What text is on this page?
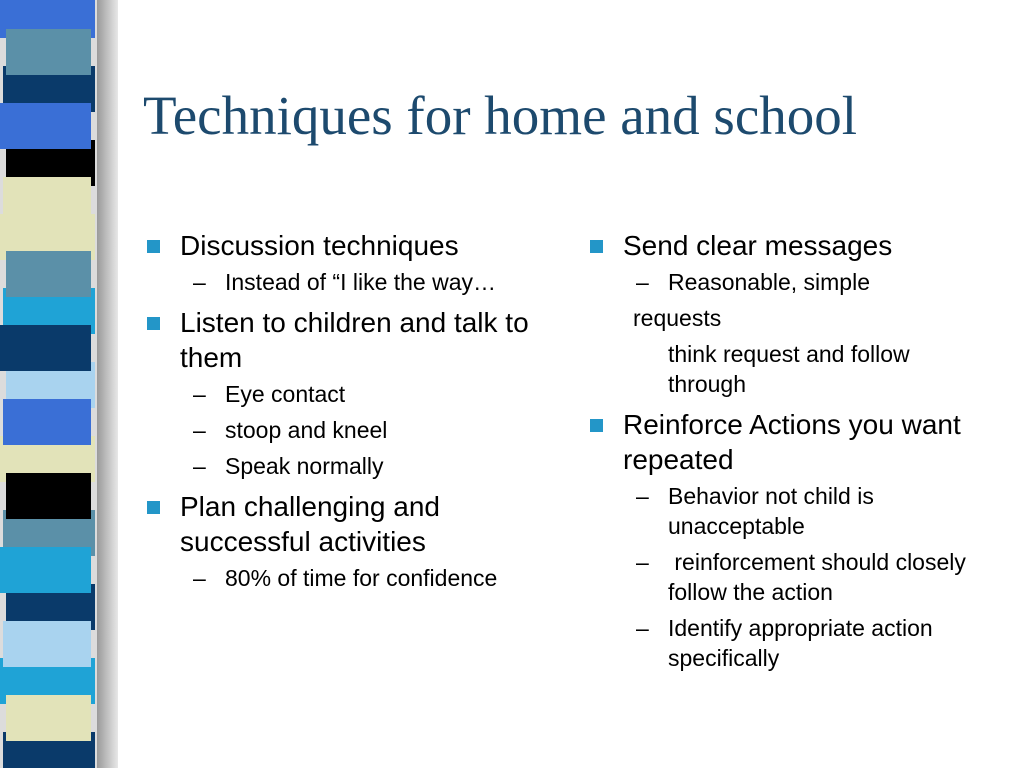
Techniques for home and school
Discussion techniques
– Instead of “I like the way…
Listen to children and talk to them
– Eye contact
– stoop and kneel
– Speak normally
Plan challenging and successful activities
– 80% of time for confidence
Send clear messages
– Reasonable, simple
requests
think request and follow through
Reinforce Actions you want repeated
– Behavior not child is unacceptable
– reinforcement should closely follow the action
– Identify appropriate action specifically
